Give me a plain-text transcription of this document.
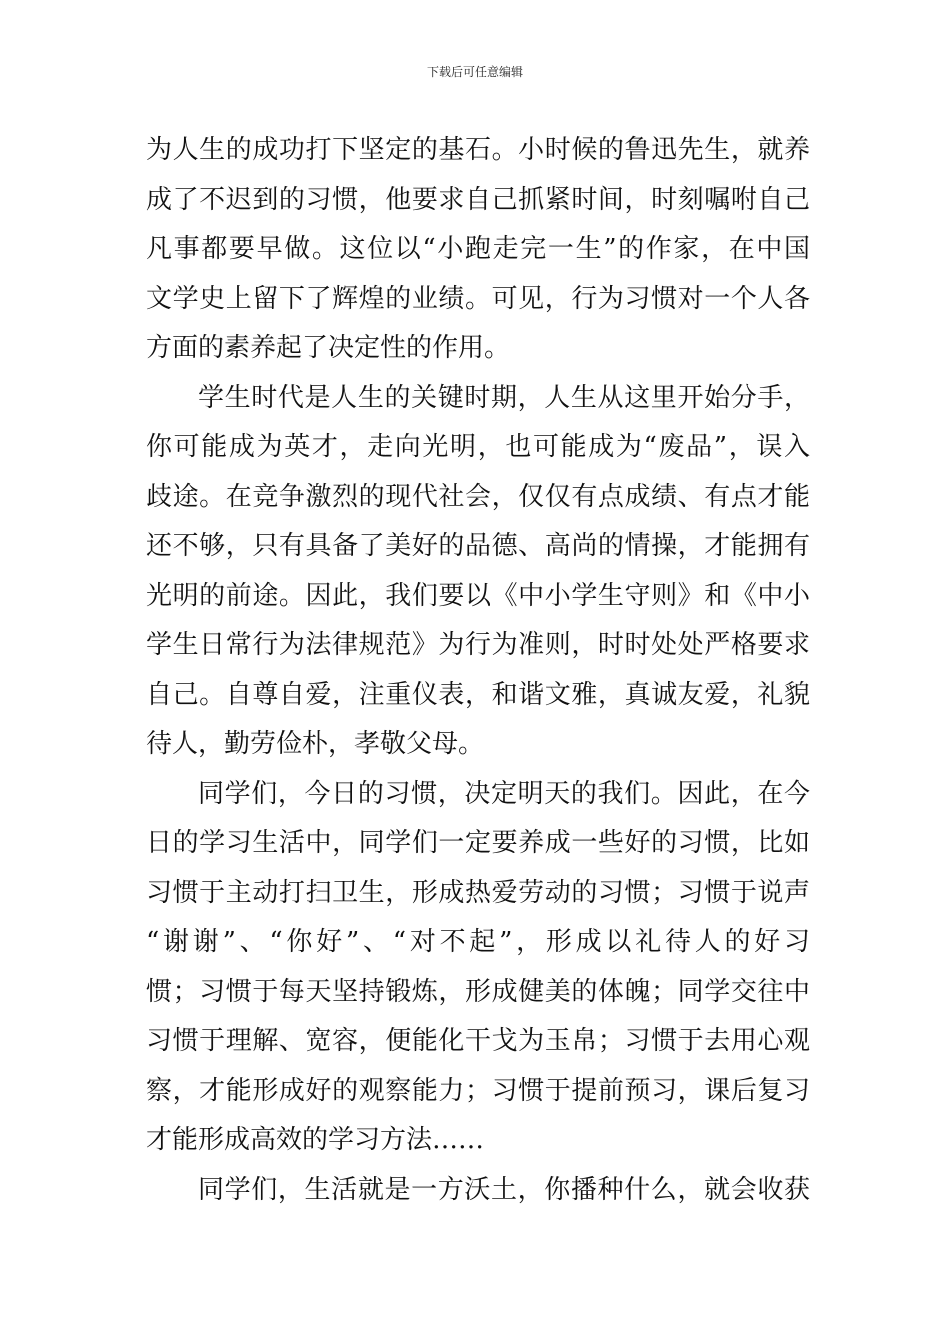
下载后可任意编辑
为人生的成功打下坚定的基石。小时候的鲁迅先生，就养
成了不迟到的习惯，他要求自己抓紧时间，时刻嘱咐自己
凡事都要早做。这位以“小跑走完一生”的作家，在中国
文学史上留下了辉煌的业绩。可见，行为习惯对一个人各
方面的素养起了决定性的作用。
学生时代是人生的关键时期，人生从这里开始分手，
你可能成为英才，走向光明，也可能成为“废品”，误入
歧途。在竞争激烈的现代社会，仅仅有点成绩、有点才能
还不够，只有具备了美好的品德、高尚的情操，才能拥有
光明的前途。因此，我们要以《中小学生守则》和《中小
学生日常行为法律规范》为行为准则，时时处处严格要求
自己。自尊自爱，注重仪表，和谐文雅，真诚友爱，礼貌
待人，勤劳俭朴，孝敬父母。
同学们，今日的习惯，决定明天的我们。因此，在今
日的学习生活中，同学们一定要养成一些好的习惯，比如
习惯于主动打扫卫生，形成热爱劳动的习惯；习惯于说声
“谢谢”、“你好”、“对不起”，形成以礼待人的好习
惯；习惯于每天坚持锻炼，形成健美的体魄；同学交往中
习惯于理解、宽容，便能化干戈为玉帛；习惯于去用心观
察，才能形成好的观察能力；习惯于提前预习，课后复习
才能形成高效的学习方法……
同学们，生活就是一方沃土，你播种什么，就会收获
